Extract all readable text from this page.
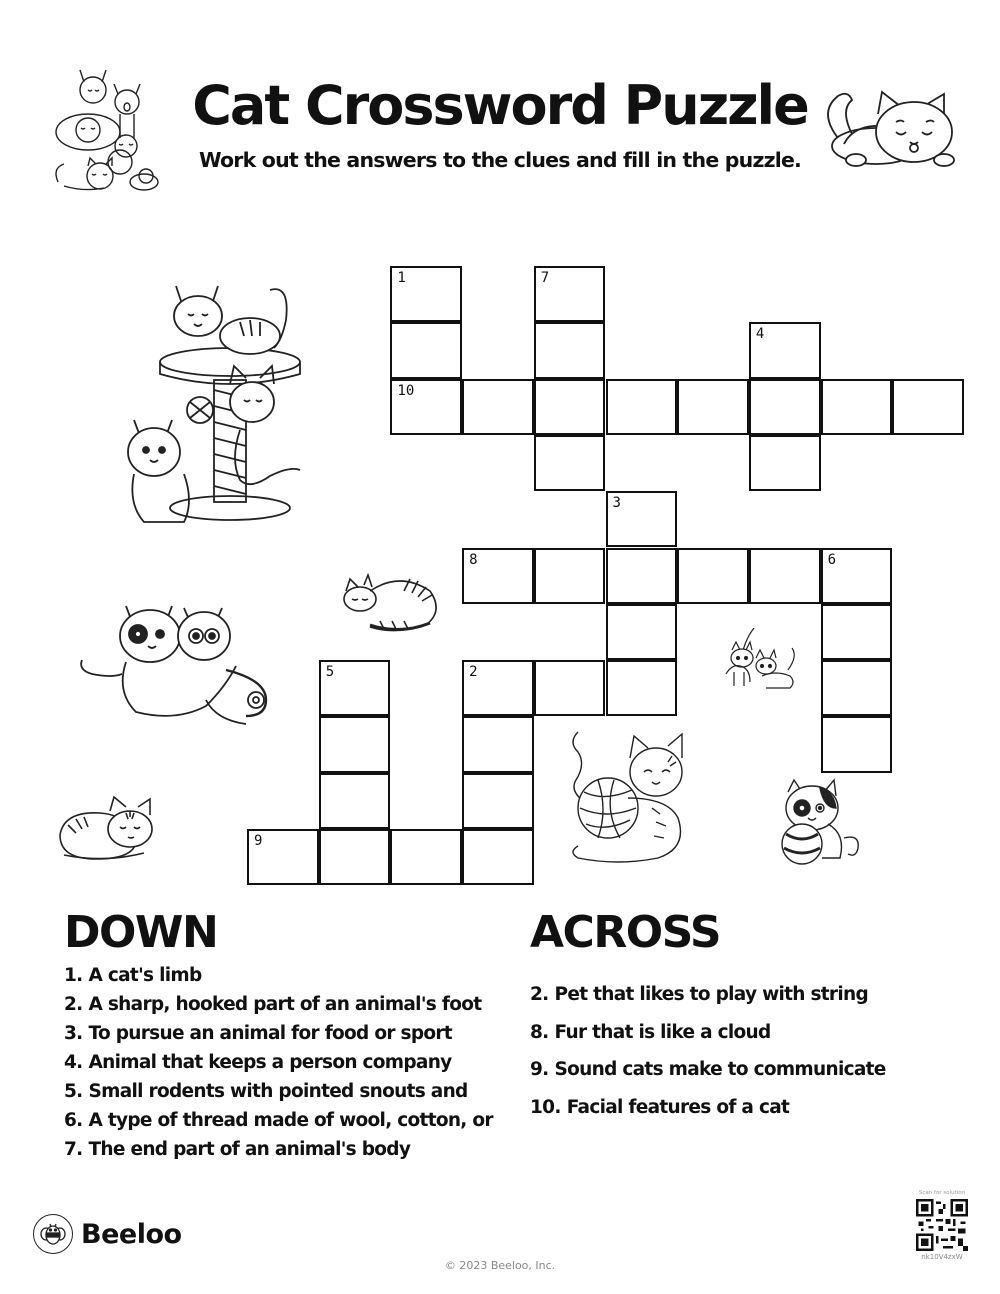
Cat Crossword Puzzle
Work out the answers to the clues and fill in the puzzle.
1
10
7
4
3
8	6
5	2
9
DOWN
1. A cat's limb
2. A sharp, hooked part of an animal's foot
3. To pursue an animal for food or sport
4. Animal that keeps a person company
5. Small rodents with pointed snouts and
6. A type of thread made of wool, cotton, or
7. The end part of an animal's body
ACROSS
2. Pet that likes to play with string
8. Fur that is like a cloud
9. Sound cats make to communicate
10. Facial features of a cat
Beeloo
© 2023 Beeloo, Inc.
Scan for solution
nk10V4zxW
